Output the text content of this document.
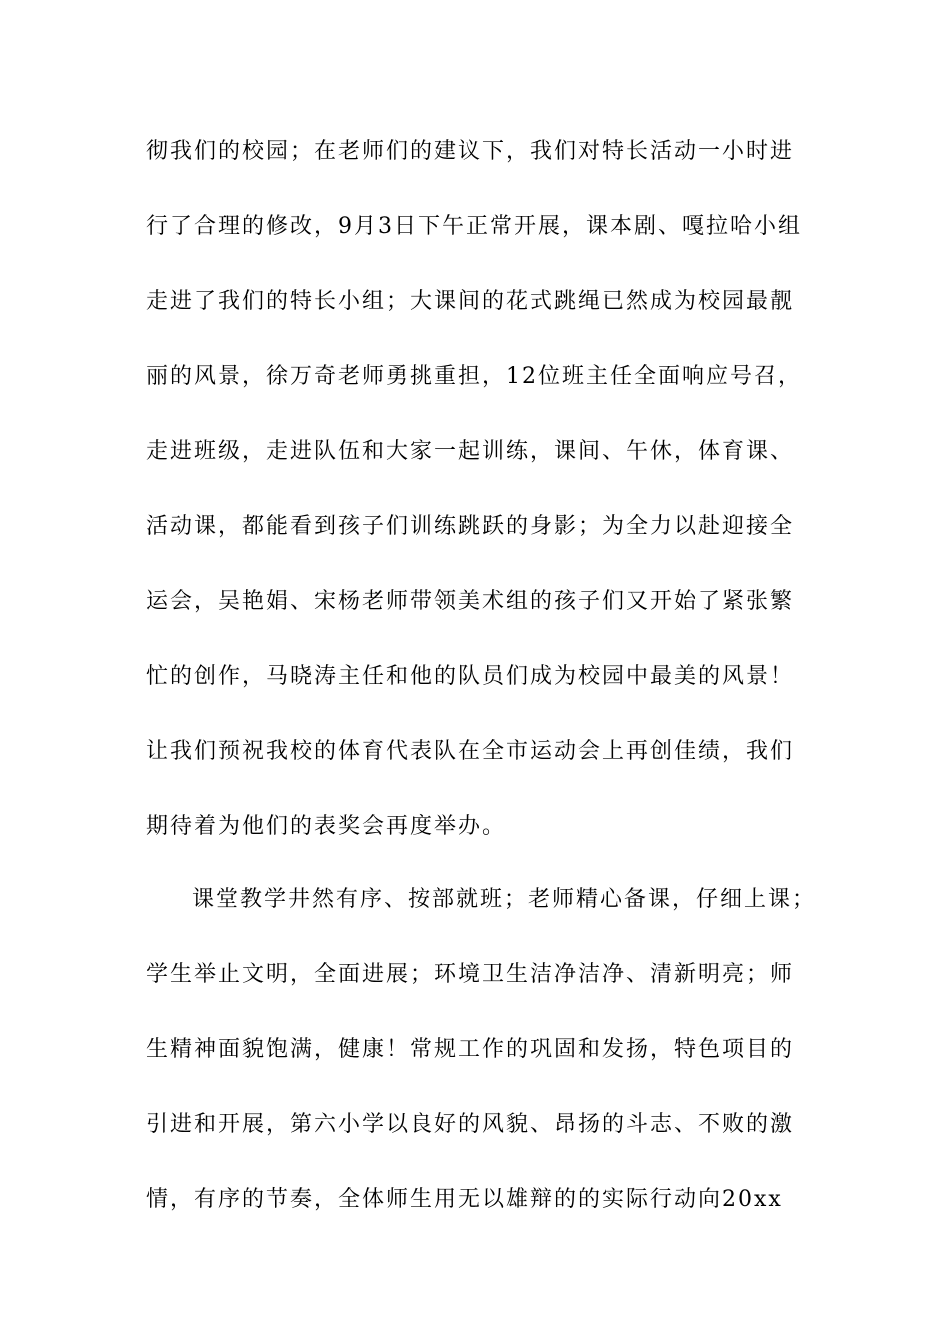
彻我们的校园；在老师们的建议下，我们对特长活动一小时进
行了合理的修改，9月3日下午正常开展，课本剧、嘎拉哈小组
走进了我们的特长小组；大课间的花式跳绳已然成为校园最靓
丽的风景，徐万奇老师勇挑重担，12位班主任全面响应号召，
走进班级，走进队伍和大家一起训练，课间、午休，体育课、
活动课，都能看到孩子们训练跳跃的身影；为全力以赴迎接全
运会，吴艳娟、宋杨老师带领美术组的孩子们又开始了紧张繁
忙的创作，马晓涛主任和他的队员们成为校园中最美的风景！
让我们预祝我校的体育代表队在全市运动会上再创佳绩，我们
期待着为他们的表奖会再度举办。
课堂教学井然有序、按部就班；老师精心备课，仔细上课；
学生举止文明，全面进展；环境卫生洁净洁净、清新明亮；师
生精神面貌饱满，健康！常规工作的巩固和发扬，特色项目的
引进和开展，第六小学以良好的风貌、昂扬的斗志、不败的激
情，有序的节奏，全体师生用无以雄辩的的实际行动向20xx
